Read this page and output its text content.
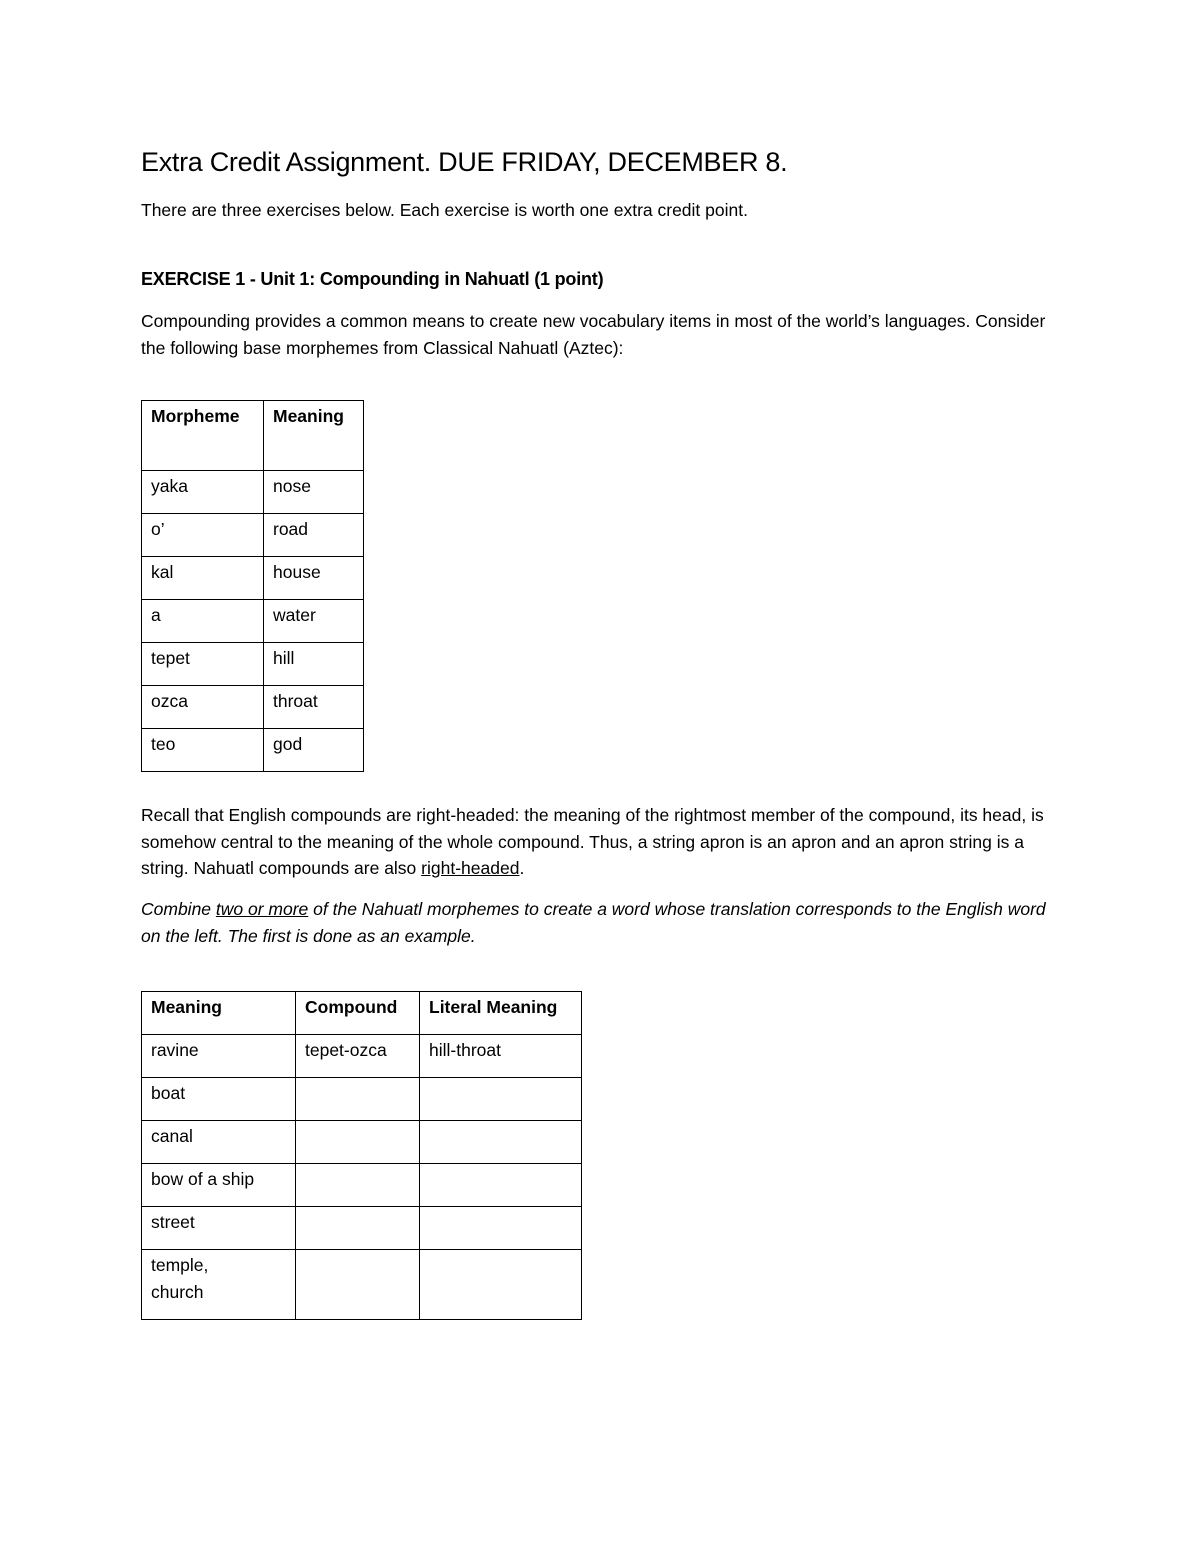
Extra Credit Assignment. DUE FRIDAY, DECEMBER 8.
There are three exercises below. Each exercise is worth one extra credit point.
EXERCISE 1 - Unit 1: Compounding in Nahuatl (1 point)
Compounding provides a common means to create new vocabulary items in most of the world’s languages. Consider the following base morphemes from Classical Nahuatl (Aztec):
Morpheme	Meaning
yaka	nose
o’	road
kal	house
a	water
tepet	hill
ozca	throat
teo	god
Recall that English compounds are right-headed: the meaning of the rightmost member of the compound, its head, is somehow central to the meaning of the whole compound. Thus, a string apron is an apron and an apron string is a string. Nahuatl compounds are also right-headed.
Combine two or more of the Nahuatl morphemes to create a word whose translation corresponds to the English word on the left. The first is done as an example.
Meaning	Compound	Literal Meaning
ravine	tepet-ozca	hill-throat
boat		
canal		
bow of a ship		
street		

temple, church		
